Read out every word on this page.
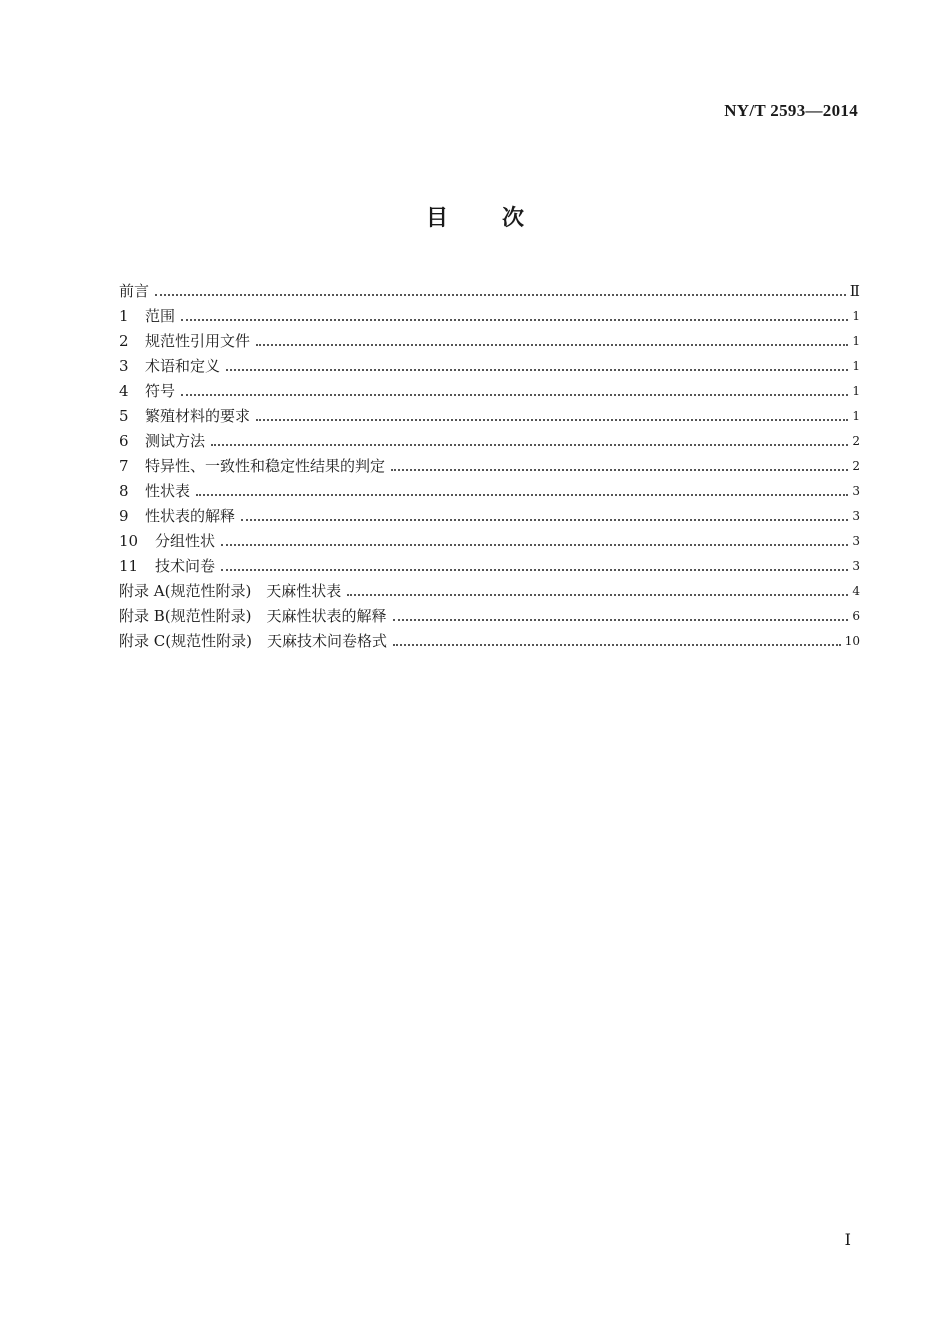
NY/T 2593—2014
目 次
前言	Ⅱ
1	范围	1
2	规范性引用文件	1
3	术语和定义	1
4	符号	1
5	繁殖材料的要求	1
6	测试方法	2
7	特异性、一致性和稳定性结果的判定	2
8	性状表	3
9	性状表的解释	3
10	分组性状	3
11	技术问卷	3
附录 A(规范性附录)　天麻性状表	4
附录 B(规范性附录)　天麻性状表的解释	6
附录 C(规范性附录)　天麻技术问卷格式	10
I
